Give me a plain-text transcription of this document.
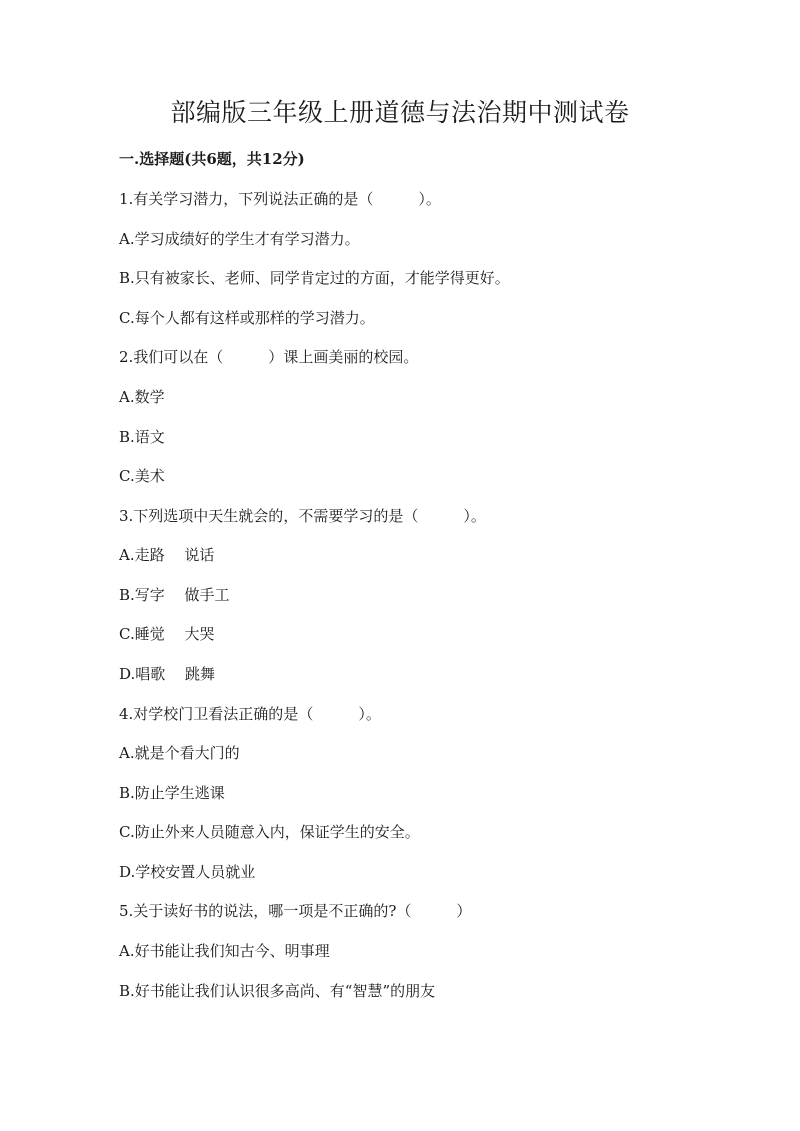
部编版三年级上册道德与法治期中测试卷
一.选择题(共6题，共12分)
1.有关学习潜力，下列说法正确的是（　　　）。
A.学习成绩好的学生才有学习潜力。
B.只有被家长、老师、同学肯定过的方面，才能学得更好。
C.每个人都有这样或那样的学习潜力。
2.我们可以在（　　　）课上画美丽的校园。
A.数学
B.语文
C.美术
3.下列选项中天生就会的，不需要学习的是（　　　）。
A.走路　 说话
B.写字　 做手工
C.睡觉　 大哭
D.唱歌　 跳舞
4.对学校门卫看法正确的是（　　　）。
A.就是个看大门的
B.防止学生逃课
C.防止外来人员随意入内，保证学生的安全。
D.学校安置人员就业
5.关于读好书的说法，哪一项是不正确的?（　　　）
A.好书能让我们知古今、明事理
B.好书能让我们认识很多高尚、有“智慧”的朋友
